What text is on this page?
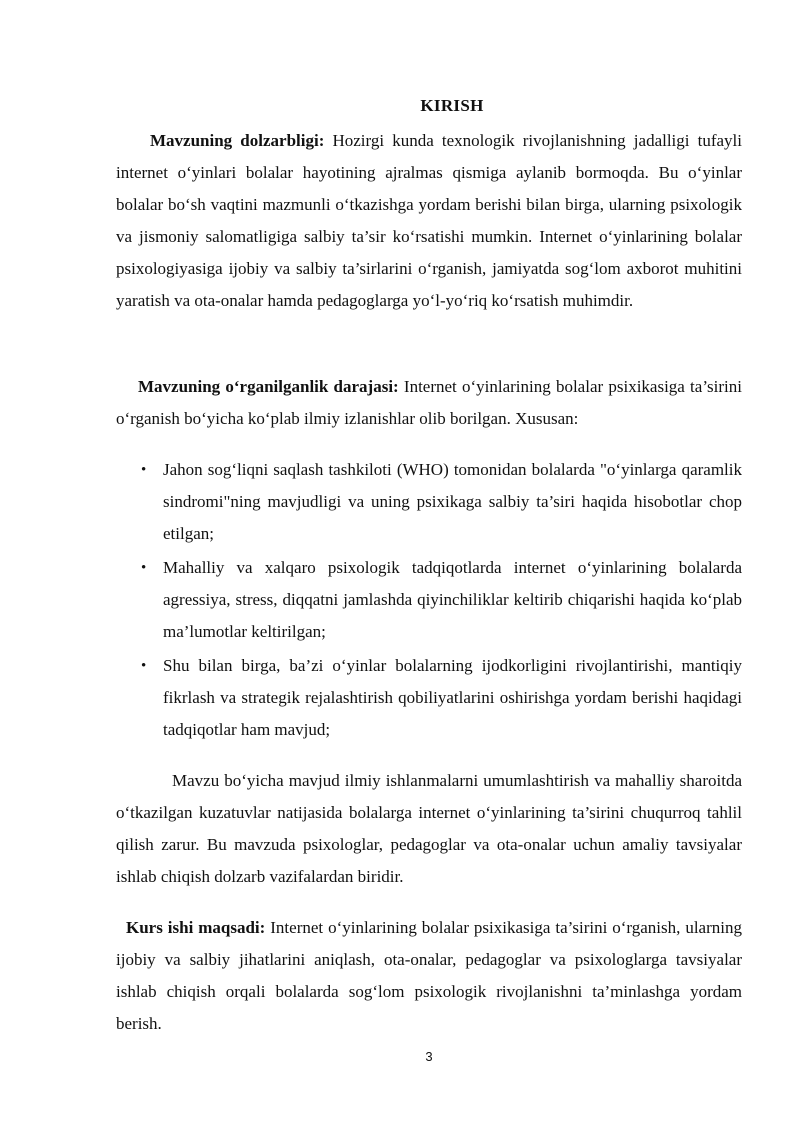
KIRISH

Mavzuning dolzarbligi: Hozirgi kunda texnologik rivojlanishning jadalligi tufayli internet o‘yinlari bolalar hayotining ajralmas qismiga aylanib bormoqda. Bu o‘yinlar bolalar bo‘sh vaqtini mazmunli o‘tkazishga yordam berishi bilan birga, ularning psixologik va jismoniy salomatligiga salbiy ta’sir ko‘rsatishi mumkin. Internet o‘yinlarining bolalar psixologiyasiga ijobiy va salbiy ta’sirlarini o‘rganish, jamiyatda sog‘lom axborot muhitini yaratish va ota-onalar hamda pedagoglarga yo‘l-yo‘riq ko‘rsatish muhimdir.

Mavzuning o‘rganilganlik darajasi: Internet o‘yinlarining bolalar psixikasiga ta’sirini o‘rganish bo‘yicha ko‘plab ilmiy izlanishlar olib borilgan. Xususan:

• Jahon sog‘liqni saqlash tashkiloti (WHO) tomonidan bolalarda "o‘yinlarga qaramlik sindromi"ning mavjudligi va uning psixikaga salbiy ta’siri haqida hisobotlar chop etilgan;
• Mahalliy va xalqaro psixologik tadqiqotlarda internet o‘yinlarining bolalarda agressiya, stress, diqqatni jamlashda qiyinchiliklar keltirib chiqarishi haqida ko‘plab ma’lumotlar keltirilgan;
• Shu bilan birga, ba’zi o‘yinlar bolalarning ijodkorligini rivojlantirishi, mantiqiy fikrlash va strategik rejalashtirish qobiliyatlarini oshirishga yordam berishi haqidagi tadqiqotlar ham mavjud;

Mavzu bo‘yicha mavjud ilmiy ishlanmalarni umumlashtirish va mahalliy sharoitda o‘tkazilgan kuzatuvlar natijasida bolalarga internet o‘yinlarining ta’sirini chuqurroq tahlil qilish zarur. Bu mavzuda psixologlar, pedagoglar va ota-onalar uchun amaliy tavsiyalar ishlab chiqish dolzarb vazifalardan biridir.

Kurs ishi maqsadi: Internet o‘yinlarining bolalar psixikasiga ta’sirini o‘rganish, ularning ijobiy va salbiy jihatlarini aniqlash, ota-onalar, pedagoglar va psixologlarga tavsiyalar ishlab chiqish orqali bolalarda sog‘lom psixologik rivojlanishni ta’minlashga yordam berish.

3
